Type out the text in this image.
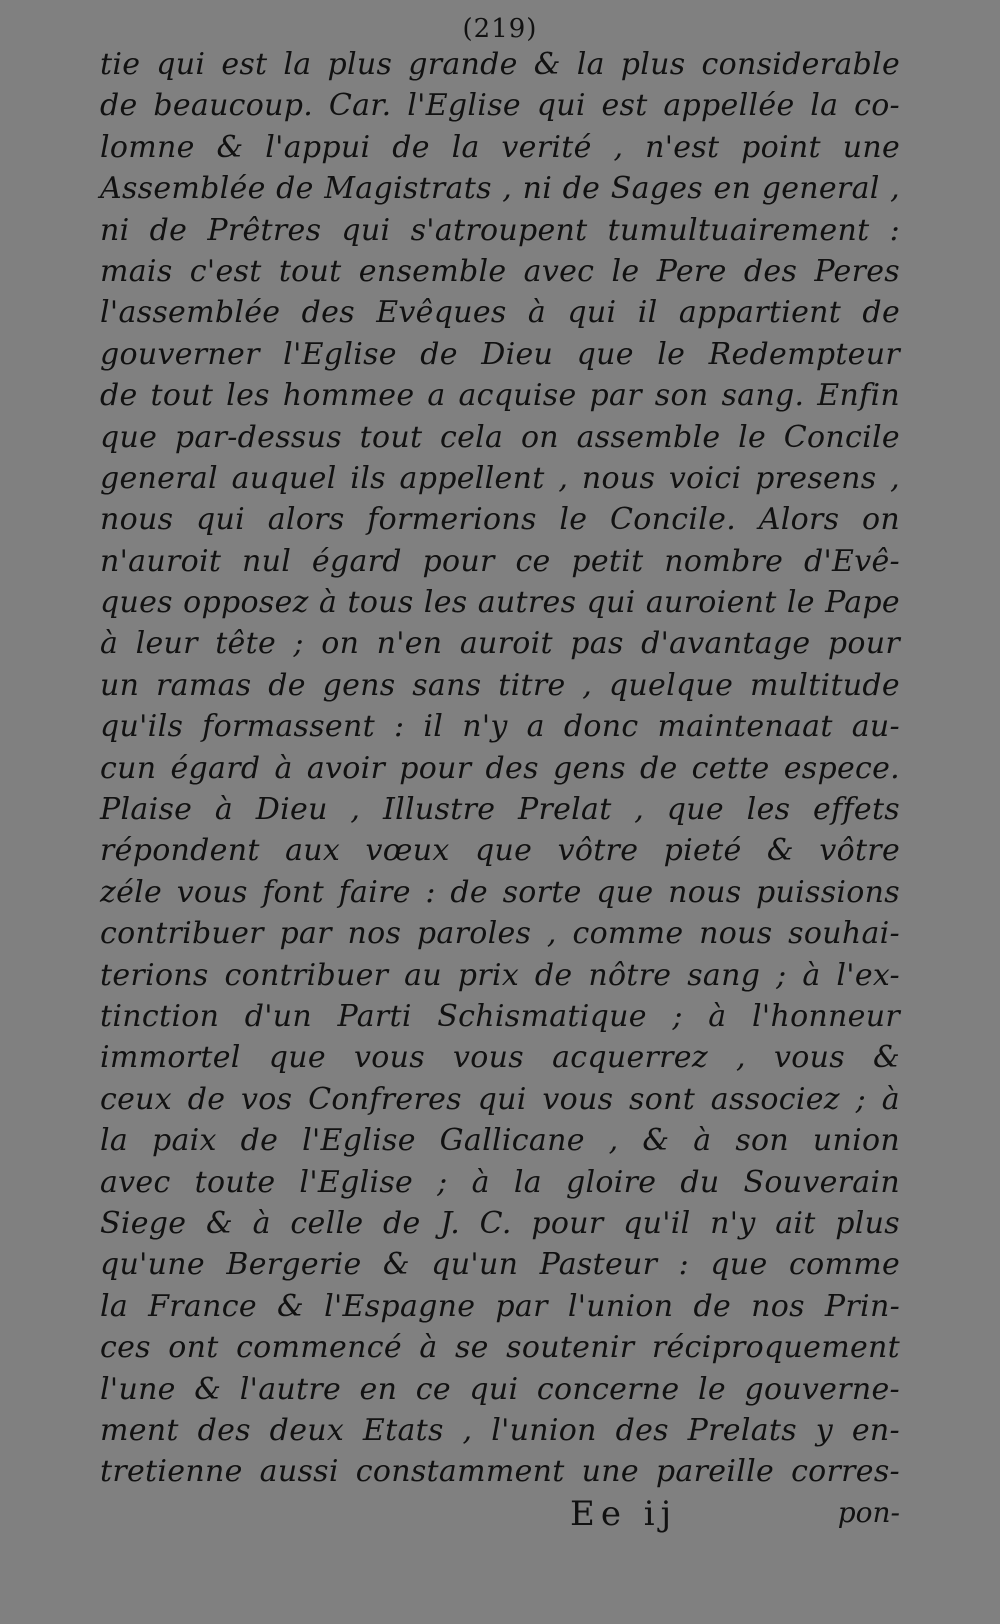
(219)
tie qui est la plus grande & la plus considerable
de beaucoup. Car. l'Eglise qui est appellée la co-
lomne & l'appui de la verité , n'est point une
Assemblée de Magistrats , ni de Sages en general ,
ni de Prêtres qui s'atroupent tumultuairement :
mais c'est tout ensemble avec le Pere des Peres
l'assemblée des Evêques à qui il appartient de
gouverner l'Eglise de Dieu que le Redempteur
de tout les hommee a acquise par son sang. Enfin
que par-dessus tout cela on assemble le Concile
general auquel ils appellent , nous voici presens ,
nous qui alors formerions le Concile. Alors on
n'auroit nul égard pour ce petit nombre d'Evê-
ques opposez à tous les autres qui auroient le Pape
à leur tête ; on n'en auroit pas d'avantage pour
un ramas de gens sans titre , quelque multitude
qu'ils formassent : il n'y a donc maintenaat au-
cun égard à avoir pour des gens de cette espece.
Plaise à Dieu , Illustre Prelat , que les effets
répondent aux vœux que vôtre pieté & vôtre
zéle vous font faire : de sorte que nous puissions
contribuer par nos paroles , comme nous souhai-
terions contribuer au prix de nôtre sang ; à l'ex-
tinction d'un Parti Schismatique ; à l'honneur
immortel que vous vous acquerrez , vous &
ceux de vos Confreres qui vous sont associez ; à
la paix de l'Eglise Gallicane , & à son union
avec toute l'Eglise ; à la gloire du Souverain
Siege & à celle de J. C. pour qu'il n'y ait plus
qu'une Bergerie & qu'un Pasteur : que comme
la France & l'Espagne par l'union de nos Prin-
ces ont commencé à se soutenir réciproquement
l'une & l'autre en ce qui concerne le gouverne-
ment des deux Etats , l'union des Prelats y en-
tretienne aussi constamment une pareille corres-
Ee ij	pon-
